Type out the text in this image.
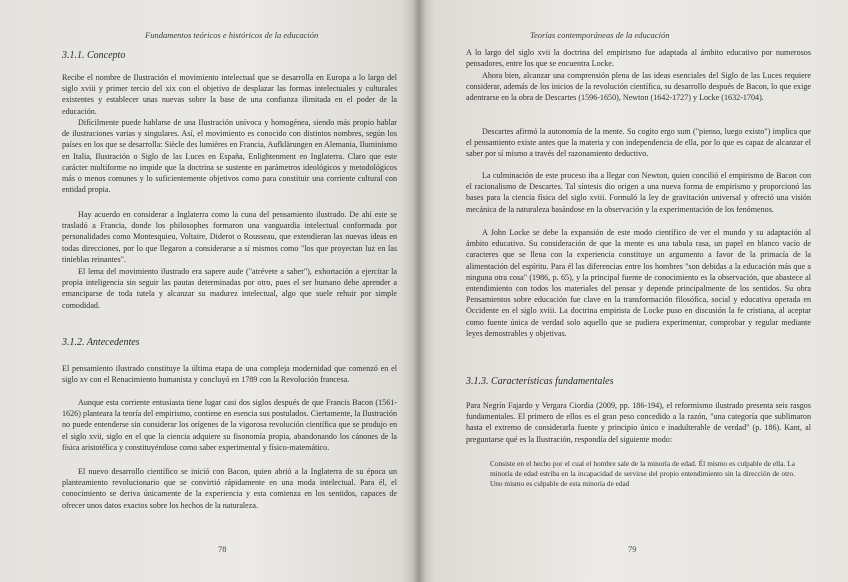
Fundamentos teóricos e históricos de la educación
3.1.1. Concepto
Recibe el nombre de Ilustración el movimiento intelectual que se desarrolla en Europa a lo largo del siglo xviii y primer tercio del xix con el objetivo de desplazar las formas intelectuales y culturales existentes y establecer unas nuevas sobre la base de una confianza ilimitada en el poder de la educación.
Difícilmente puede hablarse de una Ilustración unívoca y homogénea, siendo más propio hablar de ilustraciones varias y singulares. Así, el movimiento es conocido con distintos nombres, según los países en los que se desarrolla: Siècle des lumières en Francia, Aufklärungen en Alemania, Iluminismo en Italia, Ilustración o Siglo de las Luces en España, Enlightenment en Inglaterra. Claro que este carácter multiforme no impide que la doctrina se sustente en parámetros ideológicos y metodológicos más o menos comunes y lo suficientemente objetivos como para constituir una corriente cultural con entidad propia.
Hay acuerdo en considerar a Inglaterra como la cuna del pensamiento ilustrado. De ahí este se trasladó a Francia, donde los philosophes formaron una vanguardia intelectual conformada por personalidades como Montesquieu, Voltaire, Diderot o Rousseau, que extendieran las nuevas ideas en todas direcciones, por lo que llegaron a considerarse a sí mismos como "los que proyectan luz en las tinieblas reinantes".
El lema del movimiento ilustrado era sapere aude ("atrévete a saber"), exhortación a ejercitar la propia inteligencia sin seguir las pautas determinadas por otro, pues el ser humano debe aprender a emanciparse de toda tutela y alcanzar su madurez intelectual, algo que suele rehuir por simple comodidad.
3.1.2. Antecedentes
El pensamiento ilustrado constituye la última etapa de una compleja modernidad que comenzó en el siglo xv con el Renacimiento humanista y concluyó en 1789 con la Revolución francesa.
Aunque esta corriente entusiasta tiene lugar casi dos siglos después de que Francis Bacon (1561-1626) planteara la teoría del empirismo, contiene en esencia sus postulados. Ciertamente, la Ilustración no puede entenderse sin considerar los orígenes de la vigorosa revolución científica que se produjo en el siglo xvii, siglo en el que la ciencia adquiere su fisonomía propia, abandonando los cánones de la física aristotélica y constituyéndose como saber experimental y físico-matemático.
El nuevo desarrollo científico se inició con Bacon, quien abrió a la Inglaterra de su época un planteamiento revolucionario que se convirtió rápidamente en una moda intelectual. Para él, el conocimiento se deriva únicamente de la experiencia y esta comienza en los sentidos, capaces de ofrecer unos datos exactos sobre los hechos de la naturaleza.
78
Teorías contemporáneas de la educación
A lo largo del siglo xvii la doctrina del empirismo fue adaptada al ámbito educativo por numerosos pensadores, entre los que se encuentra Locke.
Ahora bien, alcanzar una comprensión plena de las ideas esenciales del Siglo de las Luces requiere considerar, además de los inicios de la revolución científica, su desarrollo después de Bacon, lo que exige adentrarse en la obra de Descartes (1596-1650), Newton (1642-1727) y Locke (1632-1704).
Descartes afirmó la autonomía de la mente. Su cogito ergo sum ("pienso, luego existo") implica que el pensamiento existe antes que la materia y con independencia de ella, por lo que es capaz de alcanzar el saber por sí mismo a través del razonamiento deductivo.
La culminación de este proceso iba a llegar con Newton, quien concilió el empirismo de Bacon con el racionalismo de Descartes. Tal síntesis dio origen a una nueva forma de empirismo y proporcionó las bases para la ciencia física del siglo xviii. Formuló la ley de gravitación universal y ofreció una visión mecánica de la naturaleza basándose en la observación y la experimentación de los fenómenos.
A John Locke se debe la expansión de este modo científico de ver el mundo y su adaptación al ámbito educativo. Su consideración de que la mente es una tabula rasa, un papel en blanco vacío de caracteres que se llena con la experiencia constituye un argumento a favor de la primacía de la alimentación del espíritu. Para él las diferencias entre los hombres "son debidas a la educación más que a ninguna otra cosa" (1986, p. 65), y la principal fuente de conocimiento es la observación, que abastece al entendimiento con todos los materiales del pensar y depende principalmente de los sentidos. Su obra Pensamientos sobre educación fue clave en la transformación filosófica, social y educativa operada en Occidente en el siglo xviii. La doctrina empirista de Locke puso en discusión la fe cristiana, al aceptar como fuente única de verdad solo aquello que se pudiera experimentar, comprobar y regular mediante leyes demostrables y objetivas.
3.1.3. Características fundamentales
Para Negrín Fajardo y Vergara Ciordia (2009, pp. 186-194), el reformismo ilustrado presenta seis rasgos fundamentales. El primero de ellos es el gran peso concedido a la razón, "una categoría que sublimaron hasta el extremo de considerarla fuente y principio único e inadulterable de verdad" (p. 186). Kant, al preguntarse qué es la Ilustración, respondía del siguiente modo:
Consiste en el hecho por el cual el hombre sale de la minoría de edad. Él mismo es culpable de ella. La minoría de edad estriba en la incapacidad de servirse del propio entendimiento sin la dirección de otro. Uno mismo es culpable de esta minoría de edad
79
